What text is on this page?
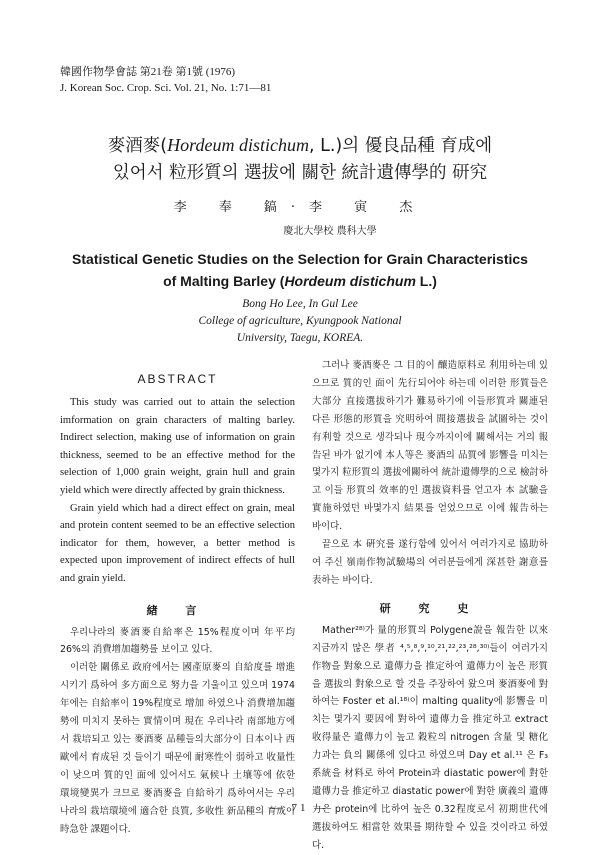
韓國作物學會誌 第21卷 第1號 (1976)
J. Korean Soc. Crop. Sci. Vol. 21, No. 1:71—81
麥酒麥(Hordeum distichum, L.)의 優良品種 育成에
있어서 粒形質의 選拔에 關한 統計遺傳學的 研究
李 奉 鎬·李 寅 杰
慶北大學校 農科大學
Statistical Genetic Studies on the Selection for Grain Characteristics
of Malting Barley (Hordeum distichum L.)
Bong Ho Lee, In Gul Lee
College of agriculture, Kyungpook National
University, Taegu, KOREA.
ABSTRACT

This study was carried out to attain the selection imformation on grain characters of malting barley. Indirect selection, making use of information on grain thickness, seemed to be an effective method for the selection of 1,000 grain weight, grain hull and grain yield which were directly affected by grain thickness.

Grain yield which had a direct effect on grain, meal and protein content seemed to be an effective selection indicator for them, however, a better method is expected upon improvement of indirect effects of hull and grain yield.

緖 言

우리나라의 麥酒麥自給率은 15%程度이며 年平均 26%의 消費增加趨勢를 보이고 있다.

이러한 關係로 政府에서는 國產原麥의 自給度를 增進시키기 爲하여 多方面으로 努力을 기울이고 있으며 1974年에는 自給率이 19%程度로 增加 하였으나 消費增加趨勢에 미치지 못하는 實情이며 現在 우리나라 南部地方에서 栽培되고 있는 麥酒麥 品種들의大部分이 日本이나 西歐에서 育成된 것 들이기 때문에 耐寒性이 弱하고 收量性이 낮으며 質的인 面에 있어서도 氣候나 土壤等에 依한 環境變異가 크므로 麥酒麥을 自給하기 爲하여서는 우리나라의 栽培環境에 適合한 良質, 多收性 新品種의 育成이 時急한 課題이다.

그러나 麥酒麥은 그 目的이 釀造原料로 利用하는데 있으므로 質的인 面이 先行되어야 하는데 이러한 形質들은 大部分 直接選拔하기가 難易하기에 이들形質과 關連된 다른 形態的形質을 究明하여 間接選拔을 試圖하는 것이 有利할 것으로 생각되나 現今까지이에 關해서는 거의 報告된 바가 없기에 本人等은 麥酒의 品質에 影響을 미치는 몇가지 粒形質의 選拔에關하여 統計遺傳學的으로 檢討하고 이들 形質의 效率的인 選拔資料를 얻고자 本 試驗을 實施하였던 바몇가지 結果를 얻었으므로 이에 報告하는 바이다.

끝으로 本 硏究를 遂行함에 있어서 여러가지로 協助하여 주신 嶺南作物試驗場의 여러분들에게 深甚한 謝意를 表하는 바이다.

研 究 史

Mather²⁸⁾가 量的形質의 Polygene說을 報告한 以來 지금까지 많은 學者 ⁴,⁵,⁸,⁹,¹⁰,²¹,²²,²³,²⁸,³⁰⁾들이 여러가지 作物을 對象으로 遺傳力을 推定하여 遺傳力이 높은 形質을 選拔의 對象으로 할 것을 주장하여 왔으며 麥酒麥에 對하여는 Foster et al.¹⁸⁾이 malting quality에 影響을 미치는 몇가지 要因에 對하여 遺傳力을 推定하고 extract 收得量은 遺傳力이 높고 穀粒의 nitrogen 含量 및 糖化力과는 負의 關係에 있다고 하였으며 Day et al.¹¹ 은 F₃系統을 材料로 하여 Protein과 diastatic power에 對한 遺傳力을 推定하고 diastatic power에 對한 廣義의 遺傳力은 protein에 比하여 높은 0.32程度로서 初期世代에 選拔하여도 相當한 效果를 期待할 수 있을 것이라고 하였다.

— 71 —
